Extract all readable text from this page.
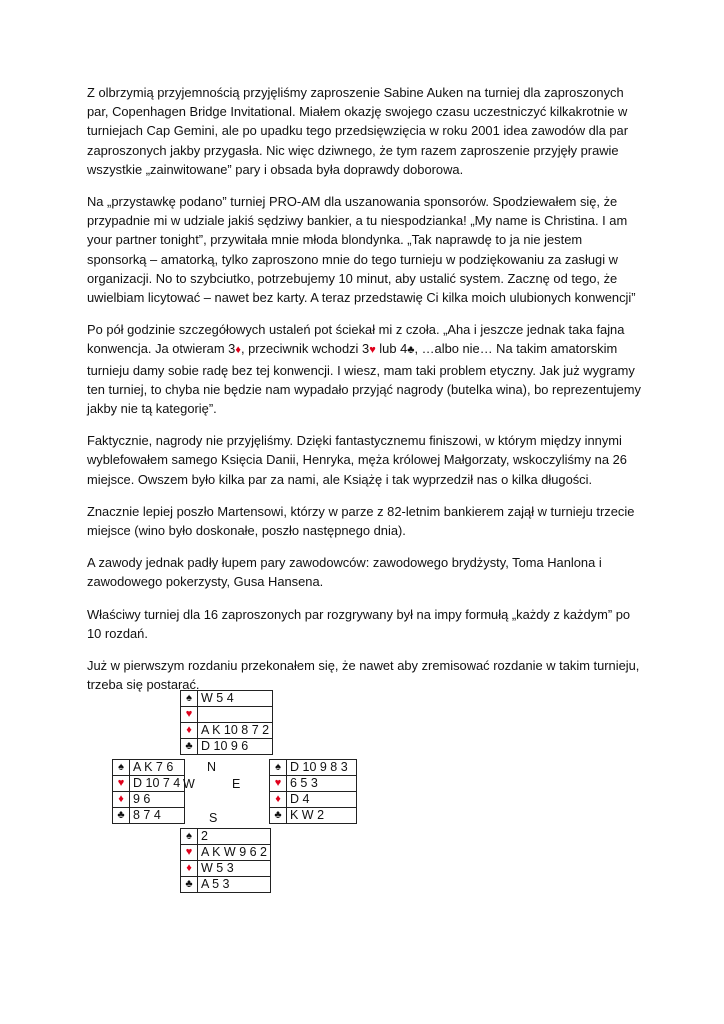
Z olbrzymią przyjemnością przyjęliśmy zaproszenie Sabine Auken na turniej dla zaproszonych par, Copenhagen Bridge Invitational. Miałem okazję swojego czasu uczestniczyć kilkakrotnie w turniejach Cap Gemini, ale po upadku tego przedsięwzięcia w roku 2001 idea zawodów dla par zaproszonych jakby przygasła. Nic więc dziwnego, że tym razem zaproszenie przyjęły prawie wszystkie „zainwitowane” pary i obsada była doprawdy doborowa.

Na „przystawkę podano” turniej PRO-AM dla uszanowania sponsorów. Spodziewałem się, że przypadnie mi w udziale jakiś sędziwy bankier, a tu niespodzianka! „My name is Christina. I am your partner tonight”, przywitała mnie młoda blondynka. „Tak naprawdę to ja nie jestem sponsorką – amatorką, tylko zaproszono mnie do tego turnieju w podziękowaniu za zasługi w organizacji. No to szybciutko, potrzebujemy 10 minut, aby ustalić system. Zacznę od tego, że uwielbiam licytować – nawet bez karty. A teraz przedstawię Ci kilka moich ulubionych konwencji”

Po pół godzinie szczegółowych ustaleń pot ściekał mi z czoła. „Aha i jeszcze jednak taka fajna konwencja. Ja otwieram 3♦, przeciwnik wchodzi 3♥ lub 4♣, …albo nie… Na takim amatorskim turnieju damy sobie radę bez tej konwencji. I wiesz, mam taki problem etyczny. Jak już wygramy ten turniej, to chyba nie będzie nam wypadało przyjąć nagrody (butelka wina), bo reprezentujemy jakby nie tą kategorię”.

Faktycznie, nagrody nie przyjęliśmy. Dzięki fantastycznemu finiszowi, w którym między innymi wyblefowałem samego Księcia Danii, Henryka, męża królowej Małgorzaty, wskoczyliśmy na 26 miejsce. Owszem było kilka par za nami, ale Książę i tak wyprzedził nas o kilka długości.

Znacznie lepiej poszło Martensowi, którzy w parze z 82-letnim bankierem zajął w turnieju trzecie miejsce (wino było doskonałe, poszło następnego dnia).

A zawody jednak padły łupem pary zawodowców: zawodowego brydżysty, Toma Hanlona i zawodowego pokerzysty, Gusa Hansena.

Właściwy turniej dla 16 zaproszonych par rozgrywany był na impy formułą „każdy z każdym” po 10 rozdań.

Już w pierwszym rozdaniu przekonałem się, że nawet aby zremisować rozdanie w takim turnieju, trzeba się postarać.

♠	W 5 4
♥	
♦	A K 10 8 7 2
♣	D 10 9 6
♠	A K 7 6
♥	D 10 7 4
♦	9 6
♣	8 7 4
N
W	E
S
♠	D 10 9 8 3
♥	6 5 3
♦	D 4
♣	K W 2
♠	2
♥	A K W 9 6 2
♦	W 5 3
♣	A 5 3
